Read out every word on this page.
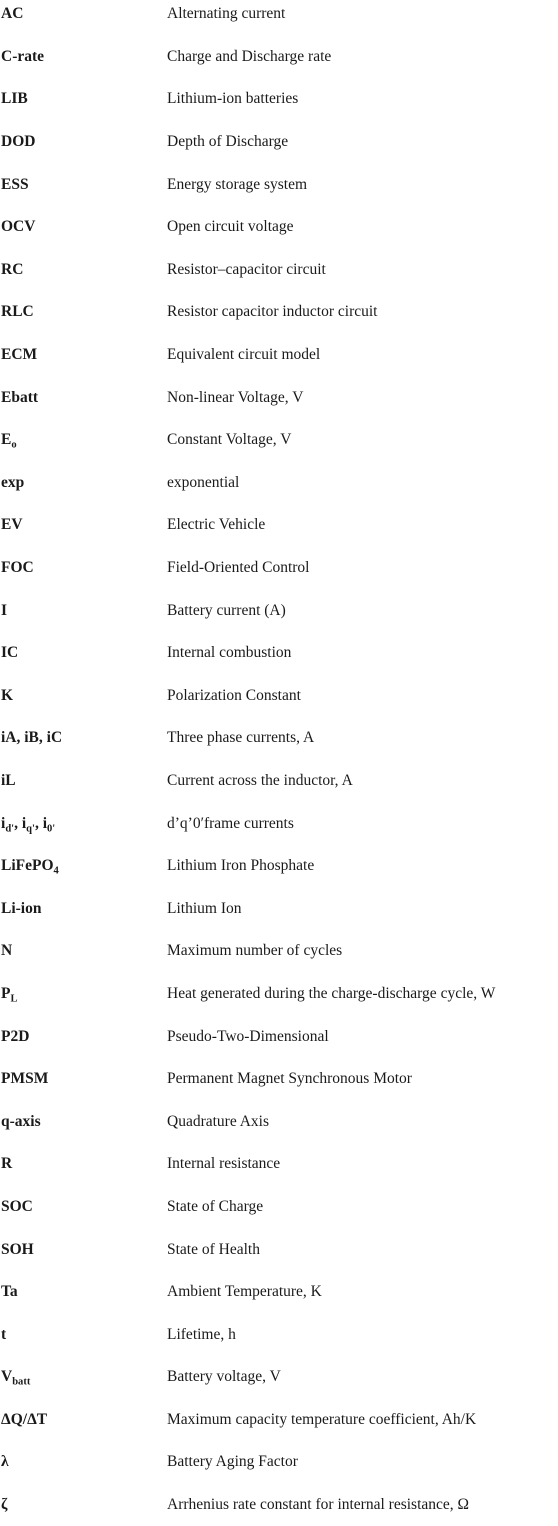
AC	Alternating current
C-rate	Charge and Discharge rate
LIB	Lithium-ion batteries
DOD	Depth of Discharge
ESS	Energy storage system
OCV	Open circuit voltage
RC	Resistor–capacitor circuit
RLC	Resistor capacitor inductor circuit
ECM	Equivalent circuit model
Ebatt	Non-linear Voltage, V
$E_o$	Constant Voltage, V
exp	exponential
EV	Electric Vehicle
FOC	Field-Oriented Control
I	Battery current (A)
IC	Internal combustion
K	Polarization Constant
iA, iB, iC	Three phase currents, A
iL	Current across the inductor, A
$i_{d'}$, $i_{q'}$, $i_{0'}$	d’q’0′frame currents
LiFePO$_4$	Lithium Iron Phosphate
Li-ion	Lithium Ion
N	Maximum number of cycles
$P_L$	Heat generated during the charge-discharge cycle, W
P2D	Pseudo-Two-Dimensional
PMSM	Permanent Magnet Synchronous Motor
q-axis	Quadrature Axis
R	Internal resistance
SOC	State of Charge
SOH	State of Health
Ta	Ambient Temperature, K
t	Lifetime, h
$V_{batt}$	Battery voltage, V
ΔQ/ΔT	Maximum capacity temperature coefficient, Ah/K
λ	Battery Aging Factor
ζ	Arrhenius rate constant for internal resistance, Ω
